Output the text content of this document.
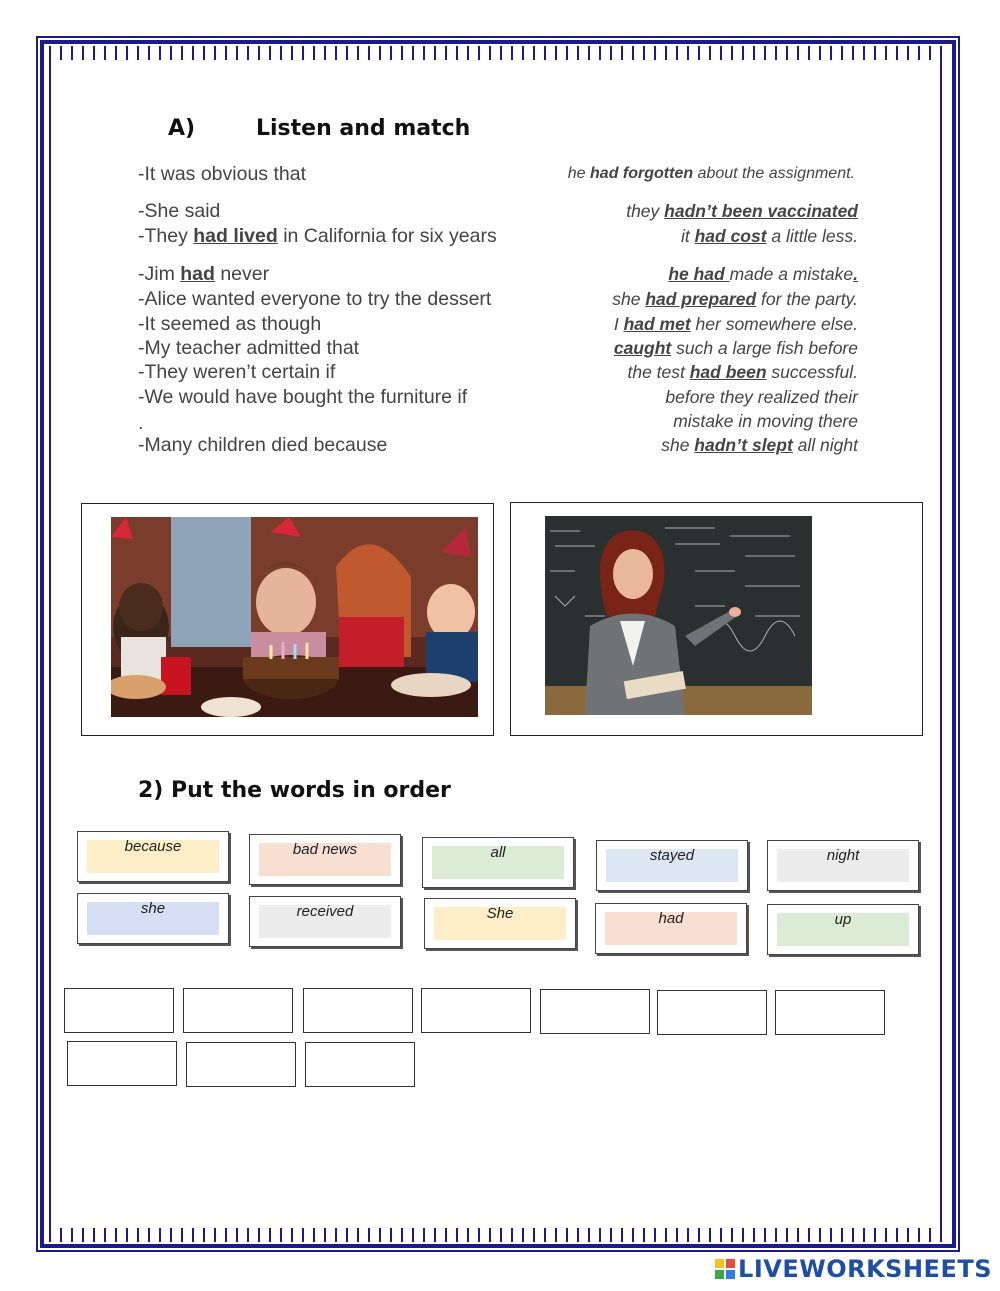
A)	Listen and match
-It was obvious that
-She said
-They had lived in California for six years
-Jim had never
-Alice wanted everyone to try the dessert
-It seemed as though
-My teacher admitted that
-They weren’t certain if
-We would have bought the furniture if
.
-Many children died because
he had forgotten about the assignment.
they hadn’t been vaccinated
it had cost a little less.
he had made a mistake.
she had prepared for the party.
I had met her somewhere else.
caught such a large fish before
the test had been successful.
before they realized their
mistake in moving there
she hadn’t slept all night
2) Put the words in order
because	bad news	all	stayed	night
she	received	She	had	up
LIVEWORKSHEETS
